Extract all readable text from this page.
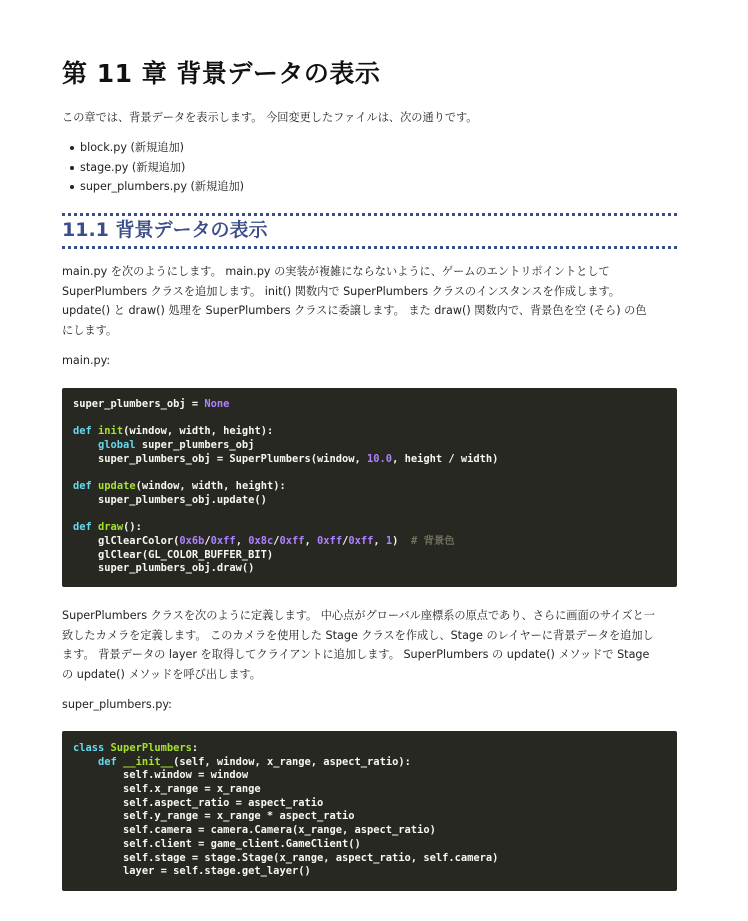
第 11 章 背景データの表示

この章では、背景データを表示します。 今回変更したファイルは、次の通りです。

block.py (新規追加)
stage.py (新規追加)
super_plumbers.py (新規追加)
11.1 背景データの表示

main.py を次のようにします。 main.py の実装が複雑にならないように、ゲームのエントリポイントとして

SuperPlumbers クラスを追加します。 init() 関数内で SuperPlumbers クラスのインスタンスを作成します。

update() と draw() 処理を SuperPlumbers クラスに委譲します。 また draw() 関数内で、背景色を空 (そら) の色

にします。

main.py:

super_plumbers_obj = None

def init(window, width, height):
global super_plumbers_obj
super_plumbers_obj = SuperPlumbers(window, 10.0, height / width)

def update(window, width, height):
super_plumbers_obj.update()

def draw():
glClearColor(0x6b/0xff, 0x8c/0xff, 0xff/0xff, 1)  # 背景色
glClear(GL_COLOR_BUFFER_BIT)
super_plumbers_obj.draw()

SuperPlumbers クラスを次のように定義します。 中心点がグローバル座標系の原点であり、さらに画面のサイズと一

致したカメラを定義します。 このカメラを使用した Stage クラスを作成し、Stage のレイヤーに背景データを追加し

ます。 背景データの layer を取得してクライアントに追加します。 SuperPlumbers の update() メソッドで Stage

の update() メソッドを呼び出します。

super_plumbers.py:

class SuperPlumbers:
def __init__(self, window, x_range, aspect_ratio):
self.window = window
self.x_range = x_range
self.aspect_ratio = aspect_ratio
self.y_range = x_range * aspect_ratio
self.camera = camera.Camera(x_range, aspect_ratio)
self.client = game_client.GameClient()
self.stage = stage.Stage(x_range, aspect_ratio, self.camera)
layer = self.stage.get_layer()
